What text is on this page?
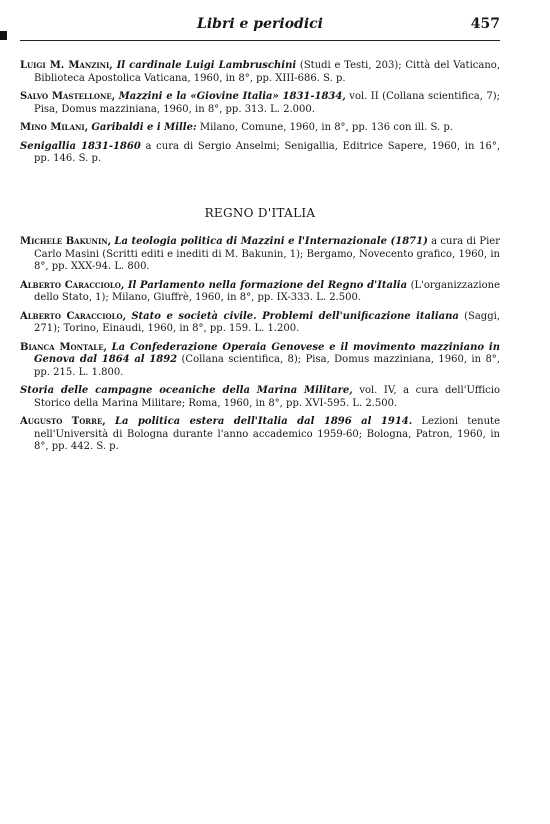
Libri e periodici	457
Luigi M. Manzini, Il cardinale Luigi Lambruschini (Studi e Testi, 203); Città del Vaticano, Biblioteca Apostolica Vaticana, 1960, in 8°, pp. XIII-686. S. p.
Salvo Mastellone, Mazzini e la «Giovine Italia» 1831-1834, vol. II (Collana scientifica, 7); Pisa, Domus mazziniana, 1960, in 8°, pp. 313. L. 2.000.
Mino Milani, Garibaldi e i Mille: Milano, Comune, 1960, in 8°, pp. 136 con ill. S. p.
Senigallia 1831-1860 a cura di Sergio Anselmi; Senigallia, Editrice Sapere, 1960, in 16°, pp. 146. S. p.
REGNO D'ITALIA
Michele Bakunin, La teologia politica di Mazzini e l'Internazionale (1871) a cura di Pier Carlo Masini (Scritti editi e inediti di M. Bakunin, 1); Bergamo, Novecento grafico, 1960, in 8°, pp. XXX-94. L. 800.
Alberto Caracciolo, Il Parlamento nella formazione del Regno d'Italia (L'organizzazione dello Stato, 1); Milano, Giuffrè, 1960, in 8°, pp. IX-333. L. 2.500.
Alberto Caracciolo, Stato e società civile. Problemi dell'unificazione italiana (Saggi, 271); Torino, Einaudi, 1960, in 8°, pp. 159. L. 1.200.
Bianca Montale, La Confederazione Operaia Genovese e il movimento mazziniano in Genova dal 1864 al 1892 (Collana scientifica, 8); Pisa, Domus mazziniana, 1960, in 8°, pp. 215. L. 1.800.
Storia delle campagne oceaniche della Marina Militare, vol. IV, a cura dell'Ufficio Storico della Marina Militare; Roma, 1960, in 8°, pp. XVI-595. L. 2.500.
Augusto Torre, La politica estera dell'Italia dal 1896 al 1914. Lezioni tenute nell'Università di Bologna durante l'anno accademico 1959-60; Bologna, Patron, 1960, in 8°, pp. 442. S. p.
